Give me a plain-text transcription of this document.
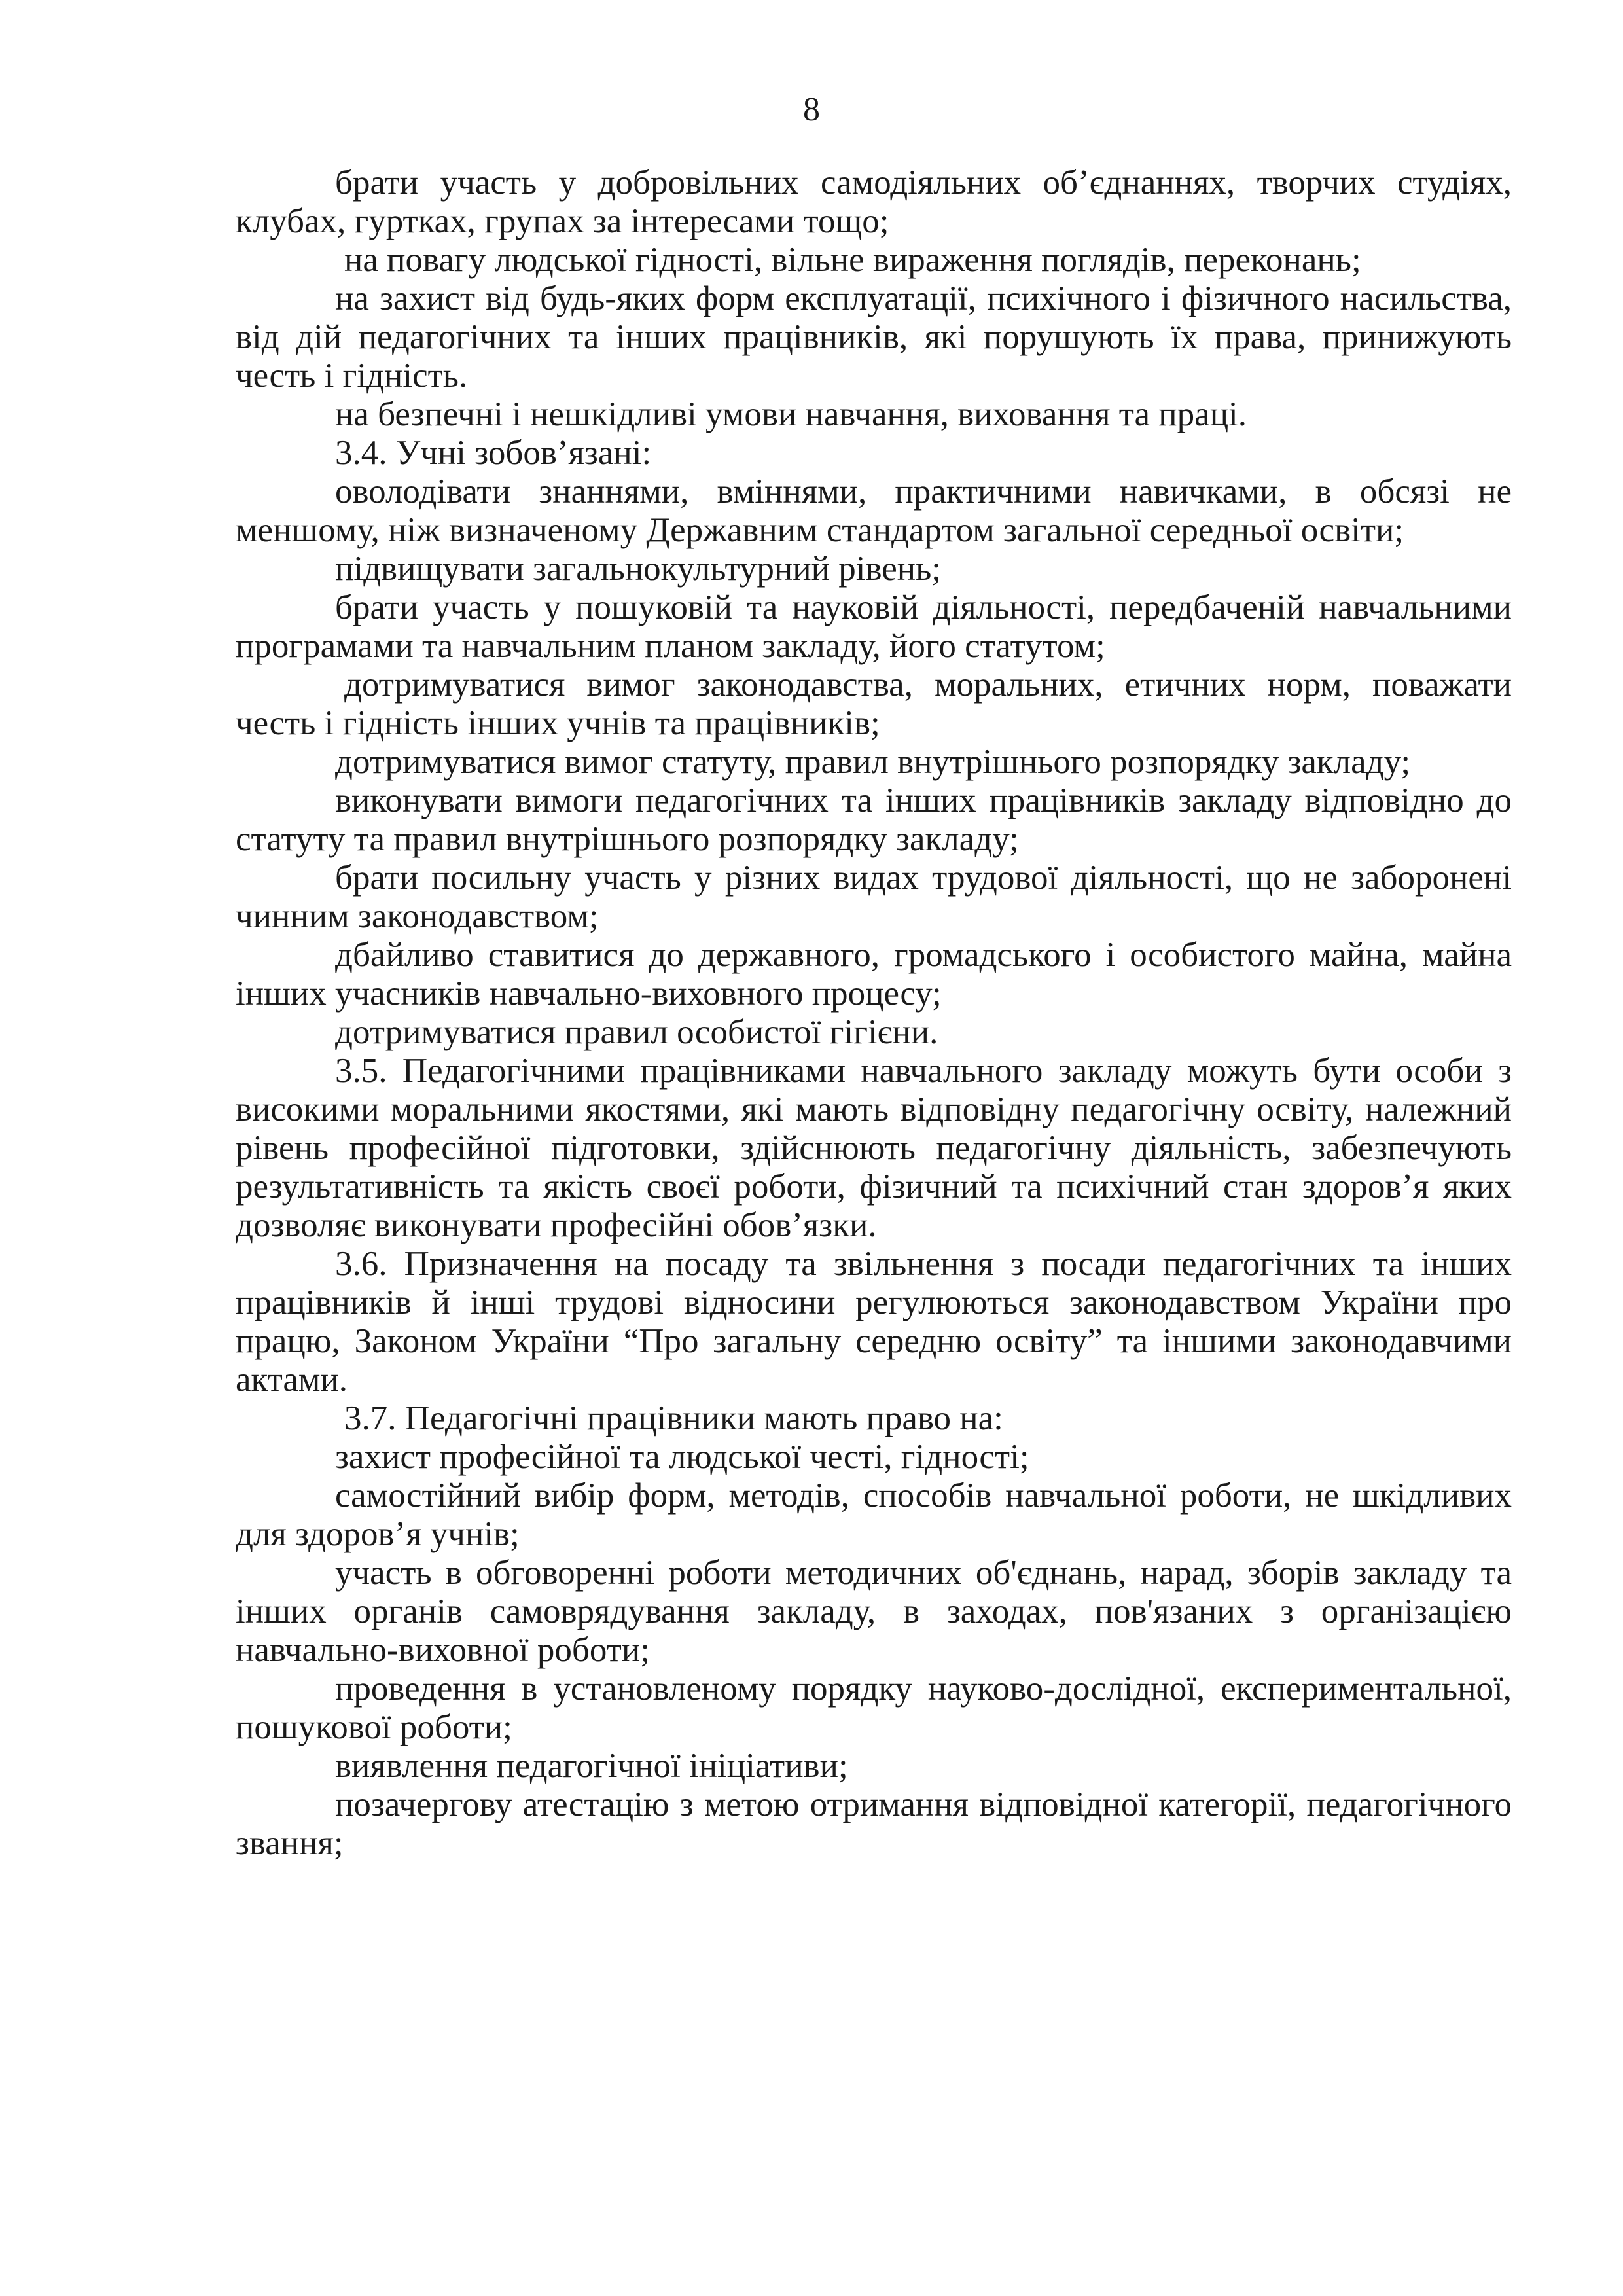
8

брати участь у добровільних самодіяльних об’єднаннях, творчих студіях, клубах, гуртках, групах за інтересами тощо;

на повагу людської гідності, вільне вираження поглядів, переконань;

на захист від будь-яких форм експлуатації, психічного і фізичного насильства, від дій педагогічних та інших працівників, які порушують їх права, принижують честь і гідність.

на безпечні і нешкідливі умови навчання, виховання та праці.

3.4. Учні зобов’язані:

оволодівати знаннями, вміннями, практичними навичками, в обсязі не меншому, ніж визначеному Державним стандартом загальної середньої освіти;

підвищувати загальнокультурний рівень;

брати участь у пошуковій та науковій діяльності, передбаченій навчальними програмами та навчальним планом закладу, його статутом;

дотримуватися вимог законодавства, моральних, етичних норм, поважати честь і гідність інших учнів та працівників;

дотримуватися вимог статуту, правил внутрішнього розпорядку закладу;

виконувати вимоги педагогічних та інших працівників закладу відповідно до статуту та правил внутрішнього розпорядку закладу;

брати посильну участь у різних видах трудової діяльності, що не заборонені чинним законодавством;

дбайливо ставитися до державного, громадського і особистого майна, майна інших учасників навчально-виховного процесу;

дотримуватися правил особистої гігієни.

3.5. Педагогічними працівниками навчального закладу можуть бути особи з високими моральними якостями, які мають відповідну педагогічну освіту, належний рівень професійної підготовки, здійснюють педагогічну діяльність, забезпечують результативність та якість своєї роботи, фізичний та психічний стан здоров’я яких дозволяє виконувати професійні обов’язки.

3.6. Призначення на посаду та звільнення з посади педагогічних та інших працівників й інші трудові відносини регулюються законодавством України про працю, Законом України “Про загальну середню освіту” та іншими законодавчими актами.

3.7. Педагогічні працівники мають право на:

захист професійної та людської честі, гідності;

самостійний вибір форм, методів, способів навчальної роботи, не шкідливих для здоров’я учнів;

участь в обговоренні роботи методичних об'єднань, нарад, зборів закладу та інших органів самоврядування закладу, в заходах, пов'язаних з організацією навчально-виховної роботи;

проведення в установленому порядку науково-дослідної, експериментальної, пошукової роботи;

виявлення педагогічної ініціативи;

позачергову атестацію з метою отримання відповідної категорії, педагогічного звання;
